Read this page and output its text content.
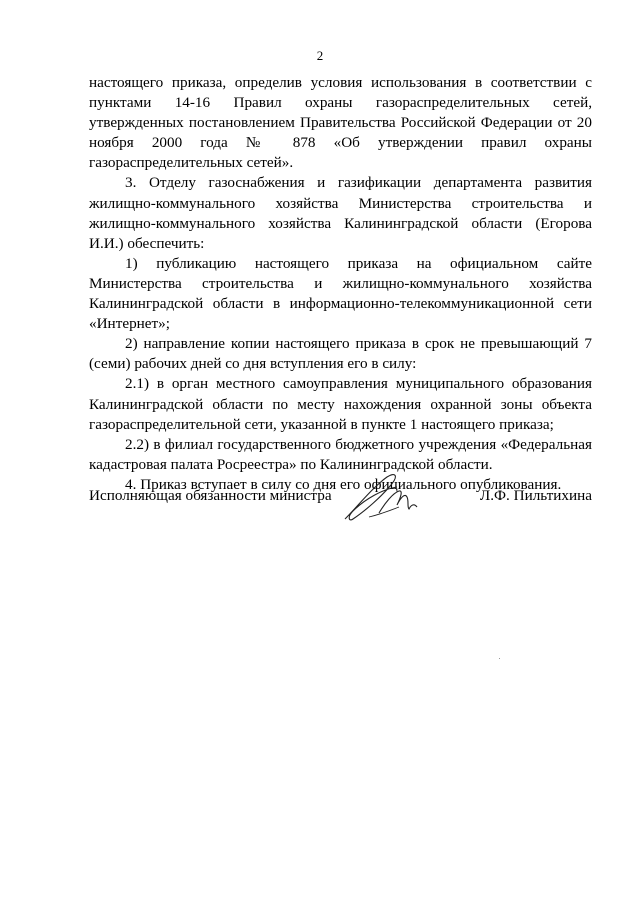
2

настоящего приказа, определив условия использования в соответствии с пунктами 14-16 Правил охраны газораспределительных сетей, утвержденных постановлением Правительства Российской Федерации от 20 ноября 2000 года № 878 «Об утверждении правил охраны газораспределительных сетей».

3. Отделу газоснабжения и газификации департамента развития жилищно-коммунального хозяйства Министерства строительства и жилищно-коммунального хозяйства Калининградской области (Егорова И.И.) обеспечить:

1) публикацию настоящего приказа на официальном сайте Министерства строительства и жилищно-коммунального хозяйства Калининградской области в информационно-телекоммуникационной сети «Интернет»;

2) направление копии настоящего приказа в срок не превышающий 7 (семи) рабочих дней со дня вступления его в силу:

2.1) в орган местного самоуправления муниципального образования Калининградской области по месту нахождения охранной зоны объекта газораспределительной сети, указанной в пункте 1 настоящего приказа;

2.2) в филиал государственного бюджетного учреждения «Федеральная кадастровая палата Росреестра» по Калининградской области.

4. Приказ вступает в силу со дня его официального опубликования.

Исполняющая обязанности министра	Л.Ф. Пильтихина
